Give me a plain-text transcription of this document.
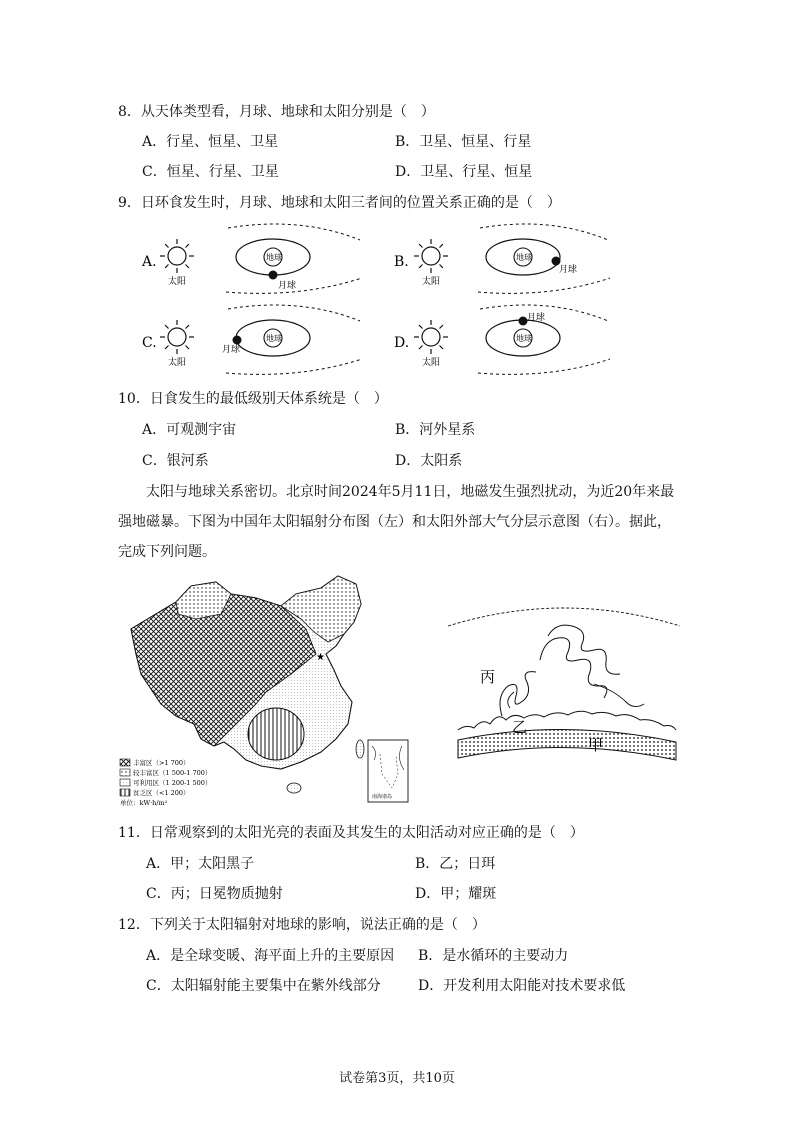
8．从天体类型看，月球、地球和太阳分别是（　）
A．行星、恒星、卫星	B．卫星、恒星、行星
C．恒星、行星、卫星	D．卫星、行星、恒星
9．日环食发生时，月球、地球和太阳三者间的位置关系正确的是（　）
A.
太阳
地球
月球
B.
太阳
地球
月球
C.
太阳
地球
月球	D.
太阳
地球
月球
10．日食发生的最低级别天体系统是（　）
A．可观测宇宙	B．河外星系
C．银河系	D．太阳系
太阳与地球关系密切。北京时间2024年5月11日，地磁发生强烈扰动，为近20年来最强地磁暴。下图为中国年太阳辐射分布图（左）和太阳外部大气分层示意图（右）。据此，完成下列问题。
★
丰富区（>1 700）
较丰富区（1 500-1 700）
可利用区（1 200-1 500）
贫乏区（<1 200）
单位：kW·h/m²
南海诸岛
丙
乙
甲
11．日常观察到的太阳光亮的表面及其发生的太阳活动对应正确的是（　）
A．甲；太阳黑子	B．乙；日珥
C．丙；日冕物质抛射	D．甲；耀斑
12．下列关于太阳辐射对地球的影响，说法正确的是（　）
A．是全球变暖、海平面上升的主要原因 B．是水循环的主要动力
C．太阳辐射能主要集中在紫外线部分	D．开发利用太阳能对技术要求低
试卷第3页，共10页
